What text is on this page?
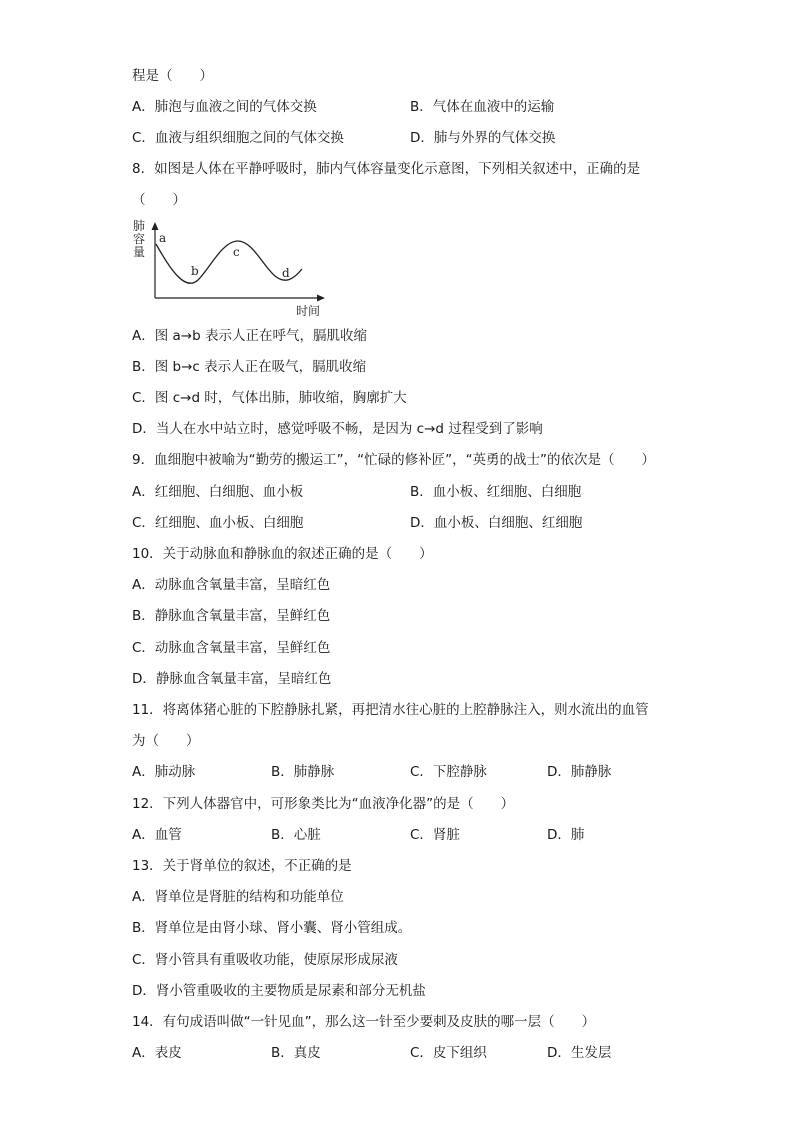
程是（　　）
A．肺泡与血液之间的气体交换	B．气体在血液中的运输
C．血液与组织细胞之间的气体交换	D．肺与外界的气体交换
8．如图是人体在平静呼吸时，肺内气体容量变化示意图，下列相关叙述中，正确的是
（　　）
肺
容
量
a
b
c
d
时间
A．图 a→b 表示人正在呼气，膈肌收缩
B．图 b→c 表示人正在吸气，膈肌收缩
C．图 c→d 时，气体出肺，肺收缩，胸廓扩大
D．当人在水中站立时，感觉呼吸不畅，是因为 c→d 过程受到了影响
9．血细胞中被喻为“勤劳的搬运工”，“忙碌的修补匠”，“英勇的战士”的依次是（　　）
A．红细胞、白细胞、血小板	B．血小板、红细胞、白细胞
C．红细胞、血小板、白细胞	D．血小板、白细胞、红细胞
10．关于动脉血和静脉血的叙述正确的是（　　）
A．动脉血含氧量丰富，呈暗红色
B．静脉血含氧量丰富，呈鲜红色
C．动脉血含氧量丰富，呈鲜红色
D．静脉血含氧量丰富，呈暗红色
11．将离体猪心脏的下腔静脉扎紧，再把清水往心脏的上腔静脉注入，则水流出的血管
为（　　）
A．肺动脉	B．肺静脉	C．下腔静脉	D．肺静脉
12．下列人体器官中，可形象类比为“血液净化器”的是（　　）
A．血管	B．心脏	C．肾脏	D．肺
13．关于肾单位的叙述，不正确的是
A．肾单位是肾脏的结构和功能单位
B．肾单位是由肾小球、肾小囊、肾小管组成。
C．肾小管具有重吸收功能，使原尿形成尿液
D．肾小管重吸收的主要物质是尿素和部分无机盐
14．有句成语叫做“一针见血”，那么这一针至少要刺及皮肤的哪一层（　　）
A．表皮	B．真皮	C．皮下组织	D．生发层
